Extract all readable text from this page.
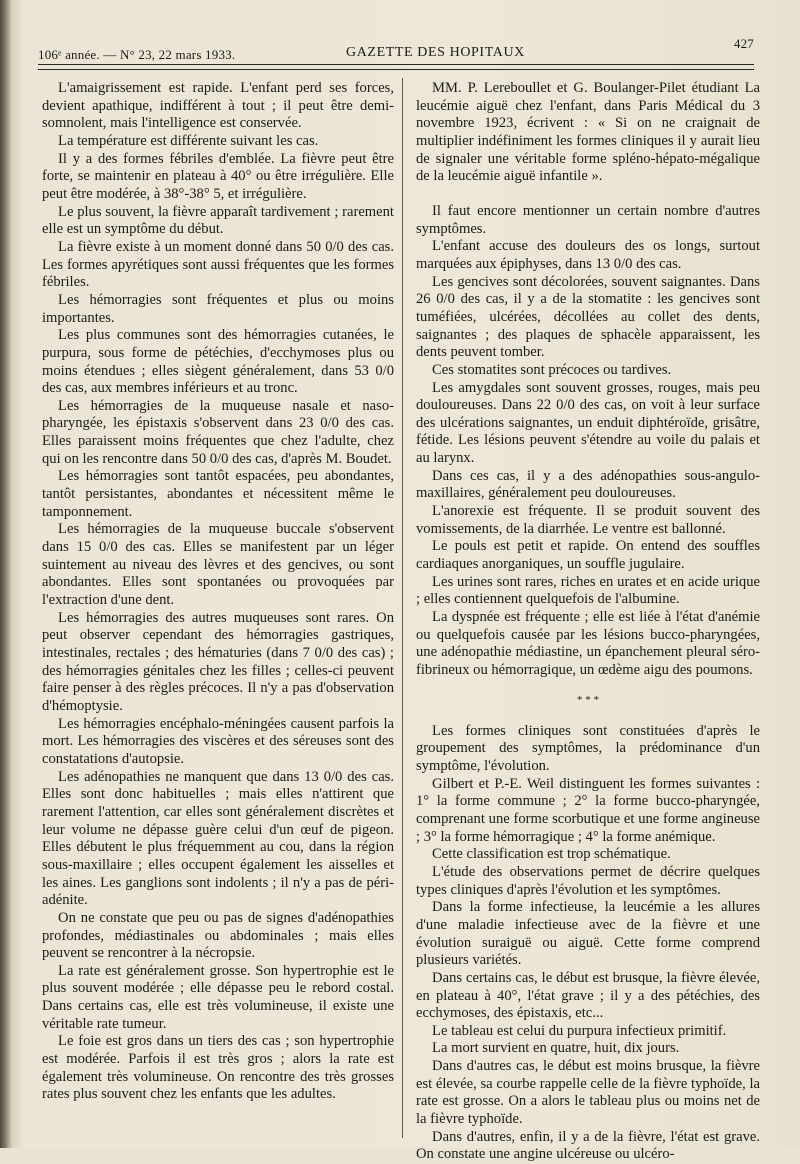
106ᵉ année. — N° 23, 22 mars 1933.	GAZETTE DES HOPITAUX
427

L'amaigrissement est rapide. L'enfant perd ses forces, devient apathique, indifférent à tout ; il peut être demi-somnolent, mais l'intelligence est conservée.

La température est différente suivant les cas.

Il y a des formes fébriles d'emblée. La fièvre peut être forte, se maintenir en plateau à 40° ou être irrégulière. Elle peut être modérée, à 38°-38° 5, et irrégulière.

Le plus souvent, la fièvre apparaît tardivement ; rarement elle est un symptôme du début.

La fièvre existe à un moment donné dans 50 0/0 des cas. Les formes apyrétiques sont aussi fréquentes que les formes fébriles.

Les hémorragies sont fréquentes et plus ou moins importantes.

Les plus communes sont des hémorragies cutanées, le purpura, sous forme de pétéchies, d'ecchymoses plus ou moins étendues ; elles siègent généralement, dans 53 0/0 des cas, aux membres inférieurs et au tronc.

Les hémorragies de la muqueuse nasale et naso-pharyngée, les épistaxis s'observent dans 23 0/0 des cas. Elles paraissent moins fréquentes que chez l'adulte, chez qui on les rencontre dans 50 0/0 des cas, d'après M. Boudet.

Les hémorragies sont tantôt espacées, peu abondantes, tantôt persistantes, abondantes et nécessitent même le tamponnement.

Les hémorragies de la muqueuse buccale s'observent dans 15 0/0 des cas. Elles se manifestent par un léger suintement au niveau des lèvres et des gencives, ou sont abondantes. Elles sont spontanées ou provoquées par l'extraction d'une dent.

Les hémorragies des autres muqueuses sont rares. On peut observer cependant des hémorragies gastriques, intestinales, rectales ; des hématuries (dans 7 0/0 des cas) ; des hémorragies génitales chez les filles ; celles-ci peuvent faire penser à des règles précoces. Il n'y a pas d'observation d'hémoptysie.

Les hémorragies encéphalo-méningées causent parfois la mort. Les hémorragies des viscères et des séreuses sont des constatations d'autopsie.

Les adénopathies ne manquent que dans 13 0/0 des cas. Elles sont donc habituelles ; mais elles n'attirent que rarement l'attention, car elles sont généralement discrètes et leur volume ne dépasse guère celui d'un œuf de pigeon. Elles débutent le plus fréquemment au cou, dans la région sous-maxillaire ; elles occupent également les aisselles et les aines. Les ganglions sont indolents ; il n'y a pas de péri-adénite.

On ne constate que peu ou pas de signes d'adénopathies profondes, médiastinales ou abdominales ; mais elles peuvent se rencontrer à la nécropsie.

La rate est généralement grosse. Son hypertrophie est le plus souvent modérée ; elle dépasse peu le rebord costal. Dans certains cas, elle est très volumineuse, il existe une véritable rate tumeur.

Le foie est gros dans un tiers des cas ; son hypertrophie est modérée. Parfois il est très gros ; alors la rate est également très volumineuse. On rencontre des très grosses rates plus souvent chez les enfants que les adultes.

MM. P. Lereboullet et G. Boulanger-Pilet étudiant La leucémie aiguë chez l'enfant, dans Paris Médical du 3 novembre 1923, écrivent : « Si on ne craignait de multiplier indéfiniment les formes cliniques il y aurait lieu de signaler une véritable forme spléno-hépato-mégalique de la leucémie aiguë infantile ».

Il faut encore mentionner un certain nombre d'autres symptômes.

L'enfant accuse des douleurs des os longs, surtout marquées aux épiphyses, dans 13 0/0 des cas.

Les gencives sont décolorées, souvent saignantes. Dans 26 0/0 des cas, il y a de la stomatite : les gencives sont tuméfiées, ulcérées, décollées au collet des dents, saignantes ; des plaques de sphacèle apparaissent, les dents peuvent tomber.

Ces stomatites sont précoces ou tardives.

Les amygdales sont souvent grosses, rouges, mais peu douloureuses. Dans 22 0/0 des cas, on voit à leur surface des ulcérations saignantes, un enduit diphtéroïde, grisâtre, fétide. Les lésions peuvent s'étendre au voile du palais et au larynx.

Dans ces cas, il y a des adénopathies sous-angulo-maxillaires, généralement peu douloureuses.

L'anorexie est fréquente. Il se produit souvent des vomissements, de la diarrhée. Le ventre est ballonné.

Le pouls est petit et rapide. On entend des souffles cardiaques anorganiques, un souffle jugulaire.

Les urines sont rares, riches en urates et en acide urique ; elles contiennent quelquefois de l'albumine.

La dyspnée est fréquente ; elle est liée à l'état d'anémie ou quelquefois causée par les lésions bucco-pharyngées, une adénopathie médiastine, un épanchement pleural séro-fibrineux ou hémorragique, un œdème aigu des poumons.

* * *

Les formes cliniques sont constituées d'après le groupement des symptômes, la prédominance d'un symptôme, l'évolution.

Gilbert et P.-E. Weil distinguent les formes suivantes : 1° la forme commune ; 2° la forme bucco-pharyngée, comprenant une forme scorbutique et une forme angineuse ; 3° la forme hémorragique ; 4° la forme anémique.

Cette classification est trop schématique.

L'étude des observations permet de décrire quelques types cliniques d'après l'évolution et les symptômes.

Dans la forme infectieuse, la leucémie a les allures d'une maladie infectieuse avec de la fièvre et une évolution suraiguë ou aiguë. Cette forme comprend plusieurs variétés.

Dans certains cas, le début est brusque, la fièvre élevée, en plateau à 40°, l'état grave ; il y a des pétéchies, des ecchymoses, des épistaxis, etc...

Le tableau est celui du purpura infectieux primitif.

La mort survient en quatre, huit, dix jours.

Dans d'autres cas, le début est moins brusque, la fièvre est élevée, sa courbe rappelle celle de la fièvre typhoïde, la rate est grosse. On a alors le tableau plus ou moins net de la fièvre typhoïde.

Dans d'autres, enfin, il y a de la fièvre, l'état est grave. On constate une angine ulcéreuse ou ulcéro-
